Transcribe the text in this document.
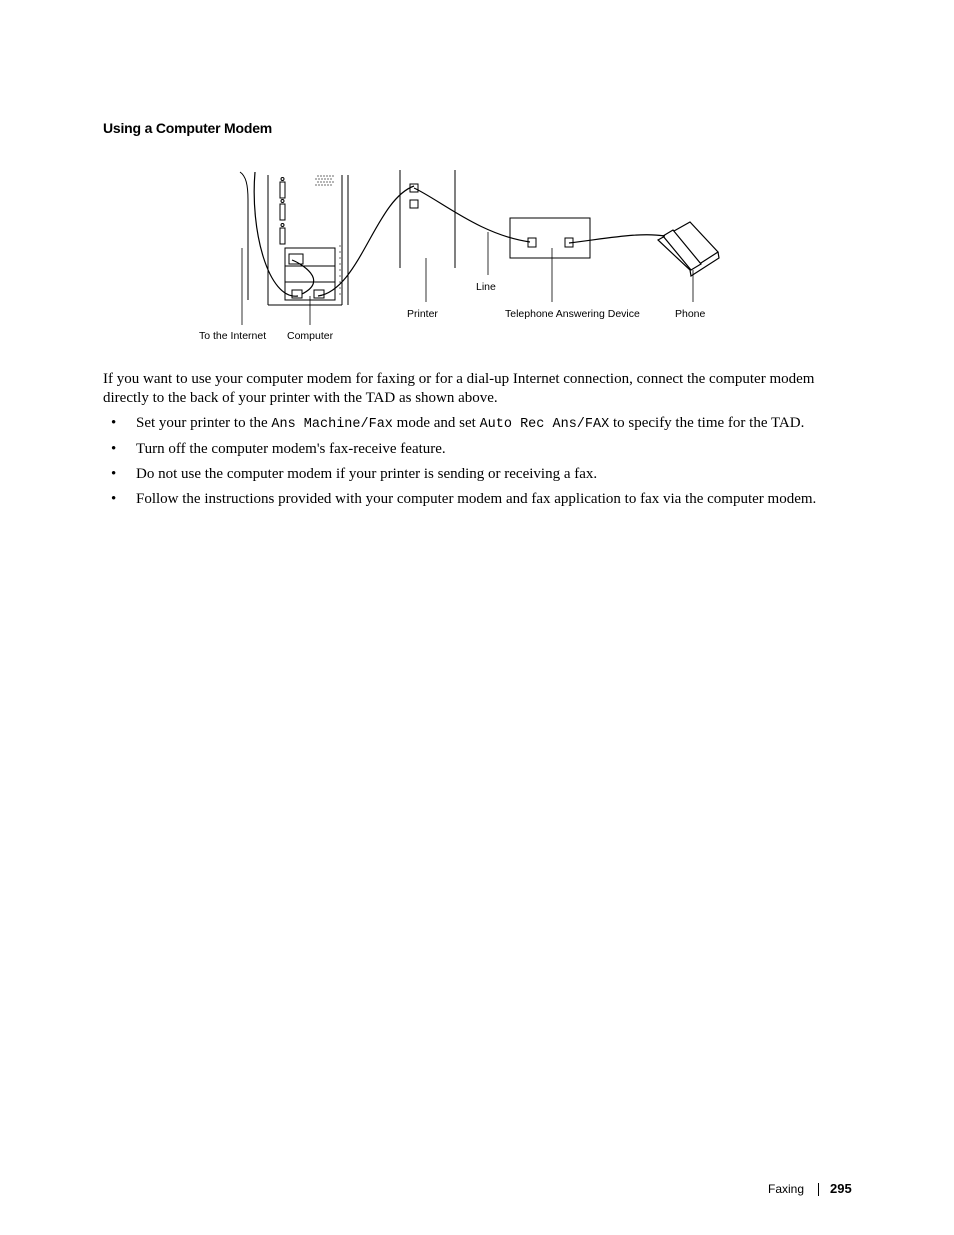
Using a Computer Modem
To the Internet Computer
Printer
Line
Telephone Answering Device	Phone

If you want to use your computer modem for faxing or for a dial-up Internet connection, connect the computer modem directly to the back of your printer with the TAD as shown above.

• Set your printer to the Ans Machine/Fax mode and set Auto Rec Ans/FAX to specify the time for the TAD.
• Turn off the computer modem's fax-receive feature.
• Do not use the computer modem if your printer is sending or receiving a fax.
• Follow the instructions provided with your computer modem and fax application to fax via the computer modem.
Faxing 295
